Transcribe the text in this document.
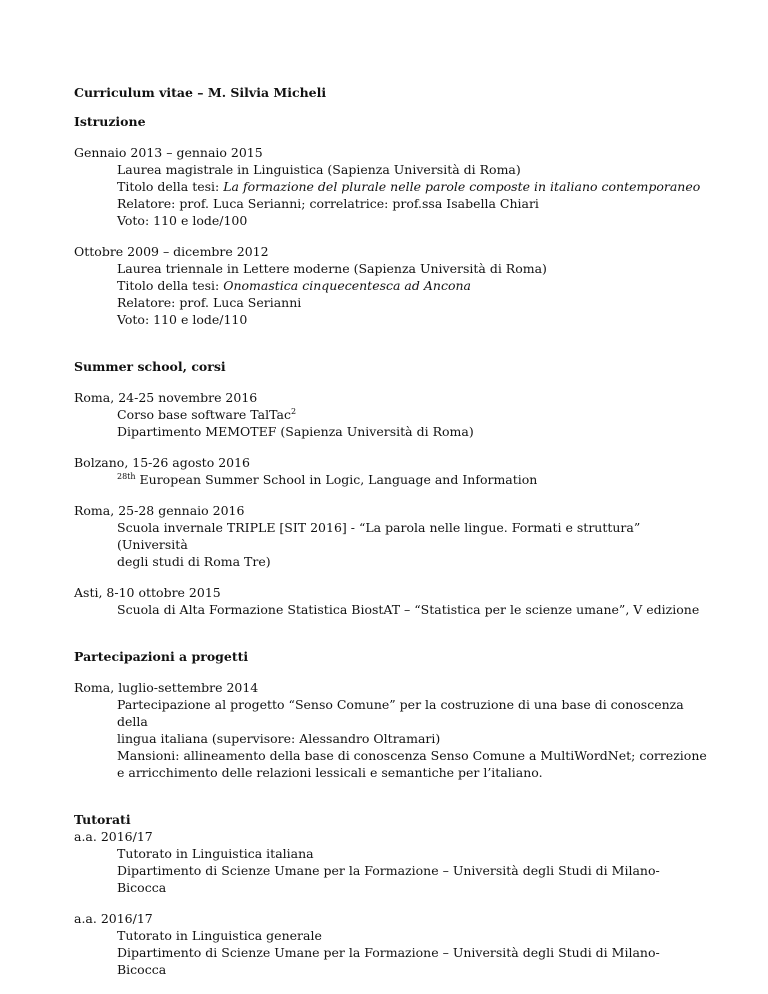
Curriculum vitae – M. Silvia Micheli

Istruzione

Gennaio 2013 – gennaio 2015

Laurea magistrale in Linguistica (Sapienza Università di Roma)

Titolo della tesi: La formazione del plurale nelle parole composte in italiano contemporaneo

Relatore: prof. Luca Serianni; correlatrice: prof.ssa Isabella Chiari

Voto: 110 e lode/100

Ottobre 2009 – dicembre 2012

Laurea triennale in Lettere moderne (Sapienza Università di Roma)

Titolo della tesi: Onomastica cinquecentesca ad Ancona

Relatore: prof. Luca Serianni

Voto: 110 e lode/110

Summer school, corsi

Roma, 24-25 novembre 2016

Corso base software TalTac$^2$

Dipartimento MEMOTEF (Sapienza Università di Roma)

Bolzano, 15-26 agosto 2016

$^{28th}$ European Summer School in Logic, Language and Information

Roma, 25-28 gennaio 2016

Scuola invernale TRIPLE [SIT 2016] - “La parola nelle lingue. Formati e struttura” (Università

degli studi di Roma Tre)

Asti, 8-10 ottobre 2015

Scuola di Alta Formazione Statistica BiostAT – “Statistica per le scienze umane”, V edizione

Partecipazioni a progetti

Roma, luglio-settembre 2014

Partecipazione al progetto “Senso Comune” per la costruzione di una base di conoscenza della

lingua italiana (supervisore: Alessandro Oltramari)

Mansioni: allineamento della base di conoscenza Senso Comune a MultiWordNet; correzione

e arricchimento delle relazioni lessicali e semantiche per l’italiano.

Tutorati

a.a. 2016/17

Tutorato in Linguistica italiana

Dipartimento di Scienze Umane per la Formazione – Università degli Studi di Milano-

Bicocca

a.a. 2016/17

Tutorato in Linguistica generale

Dipartimento di Scienze Umane per la Formazione – Università degli Studi di Milano-

Bicocca
